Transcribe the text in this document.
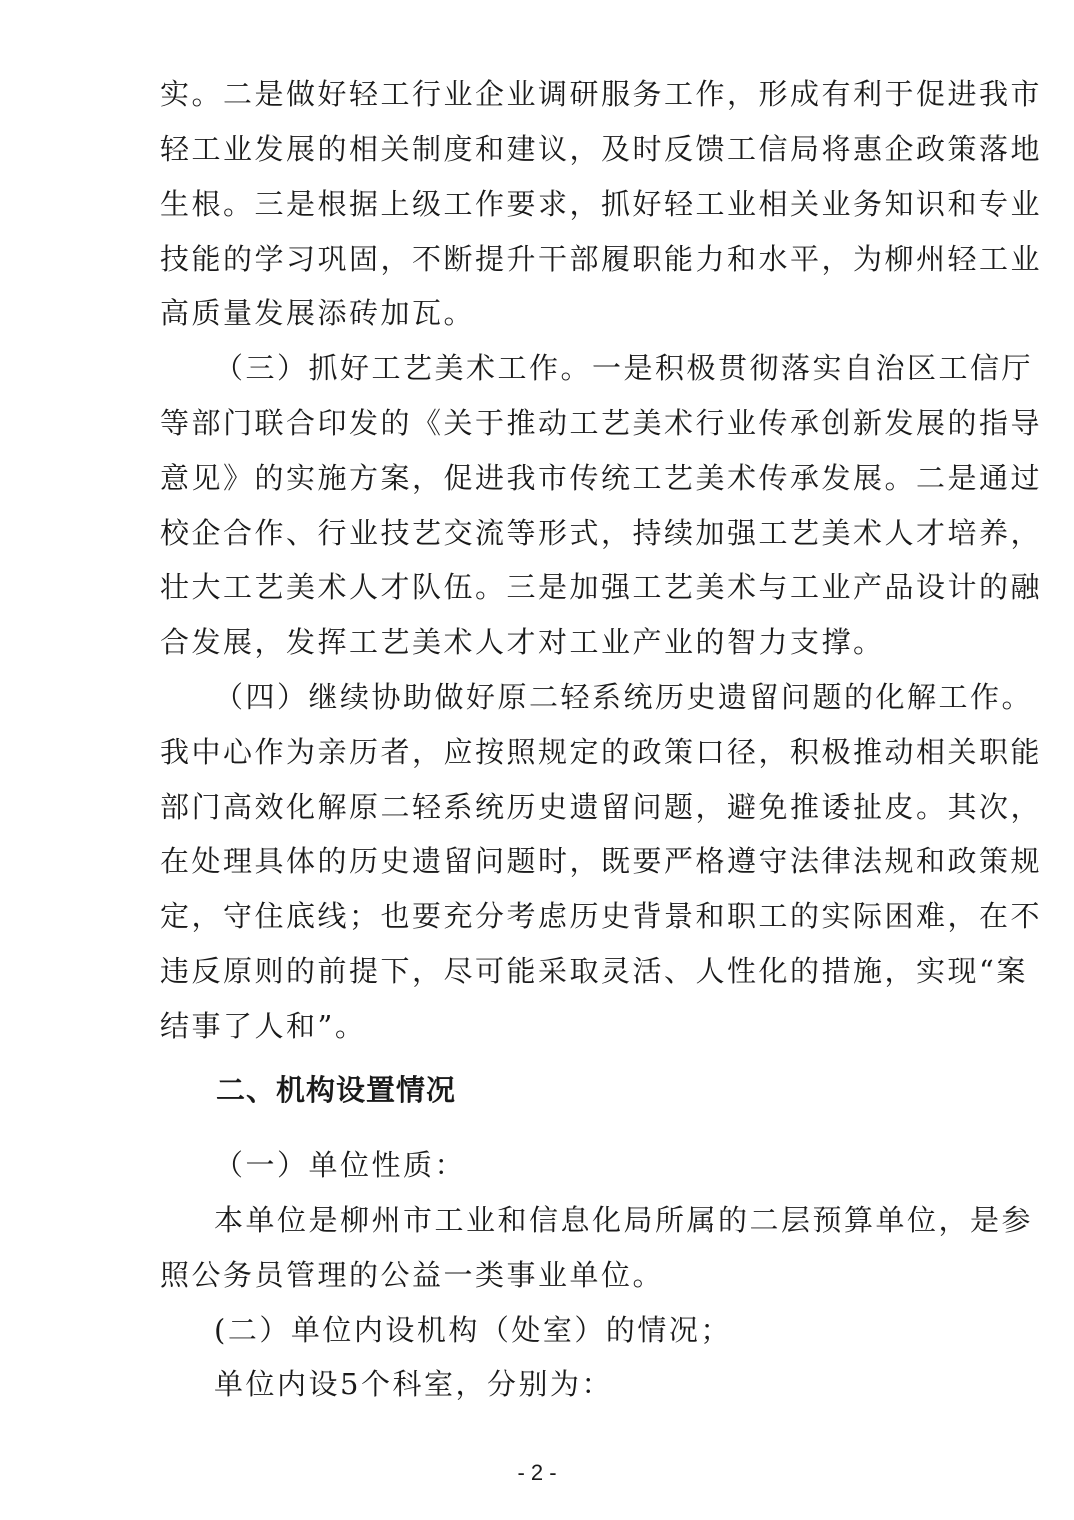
实。二是做好轻工行业企业调研服务工作，形成有利于促进我市
轻工业发展的相关制度和建议，及时反馈工信局将惠企政策落地
生根。三是根据上级工作要求，抓好轻工业相关业务知识和专业
技能的学习巩固，不断提升干部履职能力和水平，为柳州轻工业
高质量发展添砖加瓦。
（三）抓好工艺美术工作。一是积极贯彻落实自治区工信厅
等部门联合印发的《关于推动工艺美术行业传承创新发展的指导
意见》的实施方案，促进我市传统工艺美术传承发展。二是通过
校企合作、行业技艺交流等形式，持续加强工艺美术人才培养，
壮大工艺美术人才队伍。三是加强工艺美术与工业产品设计的融
合发展，发挥工艺美术人才对工业产业的智力支撑。
（四）继续协助做好原二轻系统历史遗留问题的化解工作。
我中心作为亲历者，应按照规定的政策口径，积极推动相关职能
部门高效化解原二轻系统历史遗留问题，避免推诿扯皮。其次，
在处理具体的历史遗留问题时，既要严格遵守法律法规和政策规
定，守住底线；也要充分考虑历史背景和职工的实际困难，在不
违反原则的前提下，尽可能采取灵活、人性化的措施，实现“案
结事了人和”。
二、机构设置情况
（一）单位性质：
本单位是柳州市工业和信息化局所属的二层预算单位，是参
照公务员管理的公益一类事业单位。
(二）单位内设机构（处室）的情况；
单位内设5个科室，分别为：
- 2 -
